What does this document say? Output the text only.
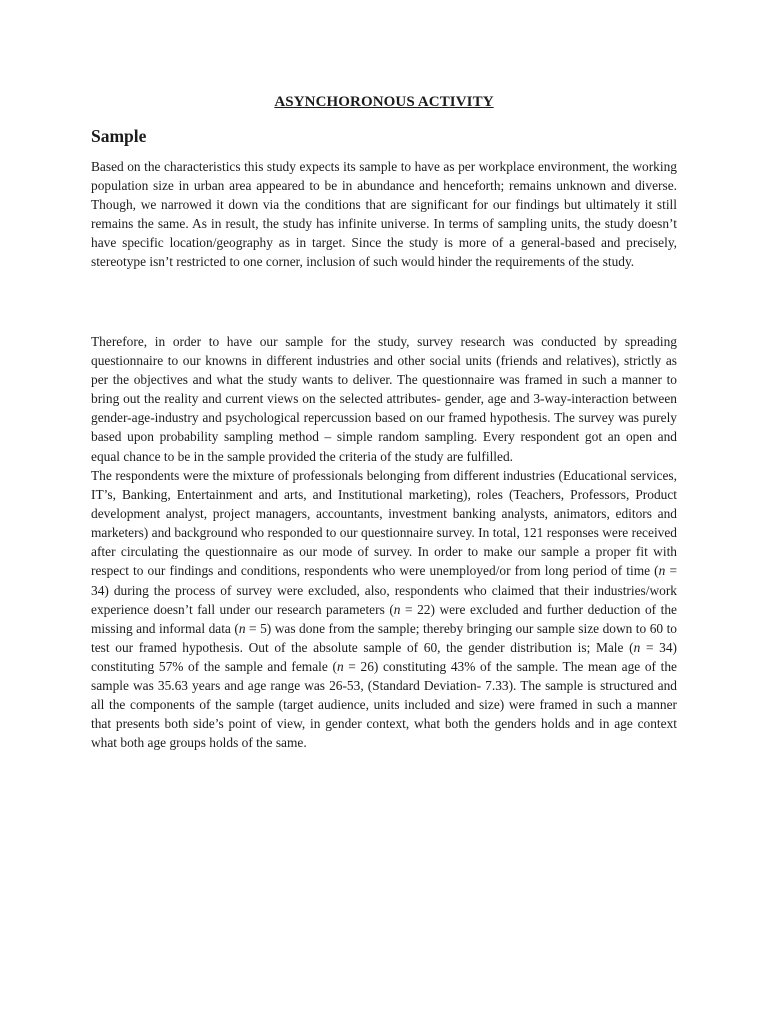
ASYNCHORONOUS ACTIVITY
Sample

Based on the characteristics this study expects its sample to have as per workplace environment, the working population size in urban area appeared to be in abundance and henceforth; remains unknown and diverse. Though, we narrowed it down via the conditions that are significant for our findings but ultimately it still remains the same. As in result, the study has infinite universe. In terms of sampling units, the study doesn’t have specific location/geography as in target. Since the study is more of a general-based and precisely, stereotype isn’t restricted to one corner, inclusion of such would hinder the requirements of the study.

Therefore, in order to have our sample for the study, survey research was conducted by spreading questionnaire to our knowns in different industries and other social units (friends and relatives), strictly as per the objectives and what the study wants to deliver. The questionnaire was framed in such a manner to bring out the reality and current views on the selected attributes- gender, age and 3-way-interaction between gender-age-industry and psychological repercussion based on our framed hypothesis. The survey was purely based upon probability sampling method – simple random sampling. Every respondent got an open and equal chance to be in the sample provided the criteria of the study are fulfilled.

The respondents were the mixture of professionals belonging from different industries (Educational services, IT’s, Banking, Entertainment and arts, and Institutional marketing), roles (Teachers, Professors, Product development analyst, project managers, accountants, investment banking analysts, animators, editors and marketers) and background who responded to our questionnaire survey. In total, 121 responses were received after circulating the questionnaire as our mode of survey. In order to make our sample a proper fit with respect to our findings and conditions, respondents who were unemployed/or from long period of time (n = 34) during the process of survey were excluded, also, respondents who claimed that their industries/work experience doesn’t fall under our research parameters (n = 22) were excluded and further deduction of the missing and informal data (n = 5) was done from the sample; thereby bringing our sample size down to 60 to test our framed hypothesis. Out of the absolute sample of 60, the gender distribution is; Male (n = 34) constituting 57% of the sample and female (n = 26) constituting 43% of the sample. The mean age of the sample was 35.63 years and age range was 26-53, (Standard Deviation- 7.33). The sample is structured and all the components of the sample (target audience, units included and size) were framed in such a manner that presents both side’s point of view, in gender context, what both the genders holds and in age context what both age groups holds of the same.
